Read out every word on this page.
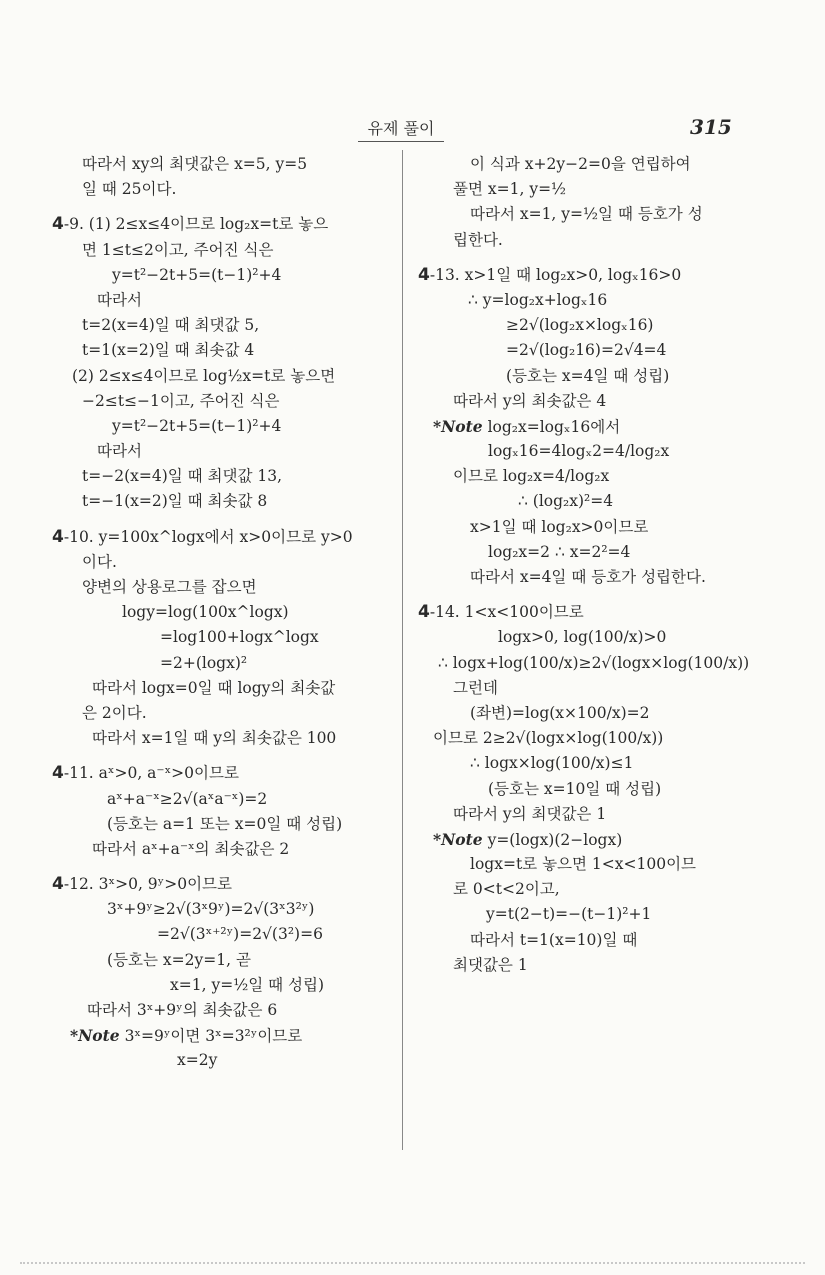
유제 풀이	315
따라서 xy의 최댓값은 x=5, y=5
일 때 25이다.
4-9. (1) 2≤x≤4이므로 log₂x=t로 놓으
면 1≤t≤2이고, 주어진 식은
y=t²−2t+5=(t−1)²+4
따라서
t=2(x=4)일 때 최댓값 5,
t=1(x=2)일 때 최솟값 4
(2) 2≤x≤4이므로 log½x=t로 놓으면
−2≤t≤−1이고, 주어진 식은
y=t²−2t+5=(t−1)²+4
따라서
t=−2(x=4)일 때 최댓값 13,
t=−1(x=2)일 때 최솟값 8
4-10. y=100x^logx에서 x>0이므로 y>0
이다.
양변의 상용로그를 잡으면
logy=log(100x^logx)
=log100+logx^logx
=2+(logx)²
따라서 logx=0일 때 logy의 최솟값
은 2이다.
따라서 x=1일 때 y의 최솟값은 100
4-11. aˣ>0, a⁻ˣ>0이므로
aˣ+a⁻ˣ≥2√(aˣa⁻ˣ)=2
(등호는 a=1 또는 x=0일 때 성립)
따라서 aˣ+a⁻ˣ의 최솟값은 2
4-12. 3ˣ>0, 9ʸ>0이므로
3ˣ+9ʸ≥2√(3ˣ9ʸ)=2√(3ˣ3²ʸ)
=2√(3ˣ⁺²ʸ)=2√(3²)=6
(등호는 x=2y=1, 곧
x=1, y=½일 때 성립)
따라서 3ˣ+9ʸ의 최솟값은 6
*Note 3ˣ=9ʸ이면 3ˣ=3²ʸ이므로
x=2y
이 식과 x+2y−2=0을 연립하여
풀면 x=1, y=½
따라서 x=1, y=½일 때 등호가 성
립한다.
4-13. x>1일 때 log₂x>0, logₓ16>0
∴ y=log₂x+logₓ16
≥2√(log₂x×logₓ16)
=2√(log₂16)=2√4=4
(등호는 x=4일 때 성립)
따라서 y의 최솟값은 4
*Note log₂x=logₓ16에서
logₓ16=4logₓ2=4/log₂x
이므로 log₂x=4/log₂x
∴ (log₂x)²=4
x>1일 때 log₂x>0이므로
log₂x=2 ∴ x=2²=4
따라서 x=4일 때 등호가 성립한다.
4-14. 1<x<100이므로
logx>0, log(100/x)>0
∴ logx+log(100/x)≥2√(logx×log(100/x))
그런데
(좌변)=log(x×100/x)=2
이므로 2≥2√(logx×log(100/x))
∴ logx×log(100/x)≤1
(등호는 x=10일 때 성립)
따라서 y의 최댓값은 1
*Note y=(logx)(2−logx)
logx=t로 놓으면 1<x<100이므
로 0<t<2이고,
y=t(2−t)=−(t−1)²+1
따라서 t=1(x=10)일 때
최댓값은 1
